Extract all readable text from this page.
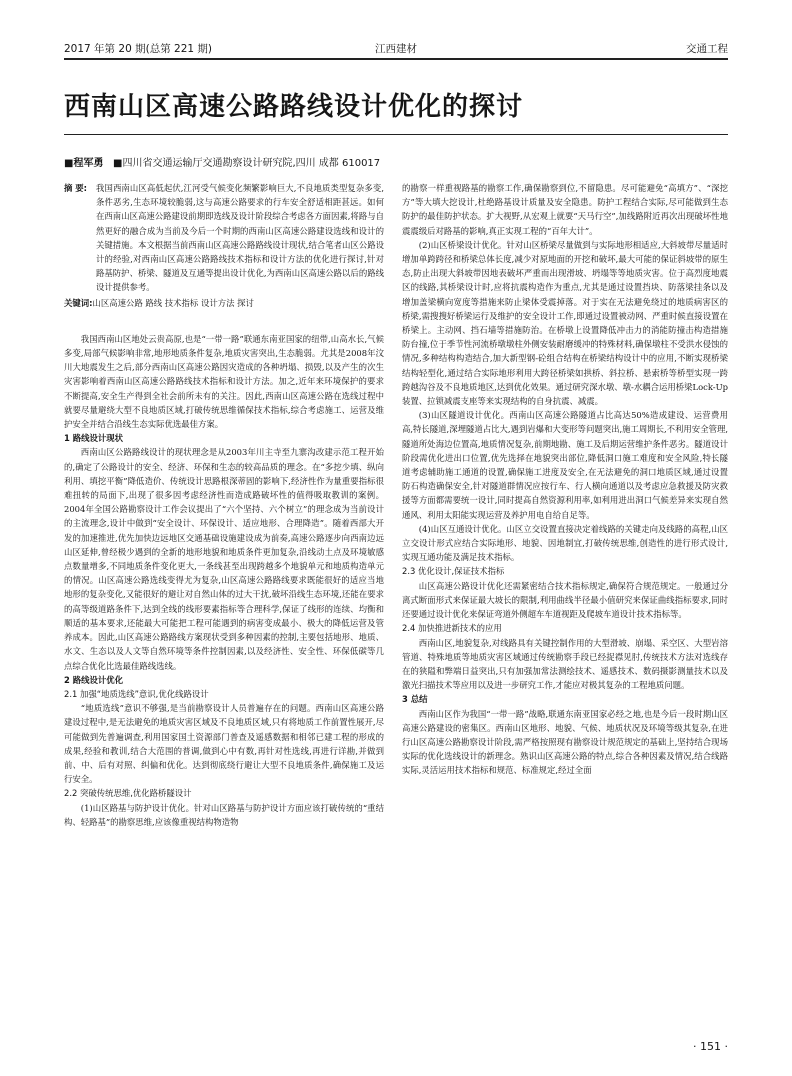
2017 年第 20 期(总第 221 期)	江西建材	交通工程
西南山区高速公路路线设计优化的探讨
■程军勇 ■四川省交通运输厅交通勘察设计研究院,四川 成都 610017
摘 要: 我国西南山区高低起伏,江河受气候变化频繁影响巨大,不良地质类型复杂多变,条件恶劣,生态环境较脆弱,这与高速公路要求的行车安全舒适相距甚远。如何在西南山区高速公路建设前期即选线及设计阶段综合考虑各方面因素,将路与自然更好的融合成为当前及今后一个时期的西南山区高速公路建设选线和设计的关键措施。本文根据当前西南山区高速公路路线设计现状,结合笔者山区公路设计的经验,对西南山区高速公路路线技术指标和设计方法的优化进行探讨,针对路基防护、桥梁、隧道及互通等提出设计优化,为西南山区高速公路以后的路线设计提供参考。
关键词:山区高速公路 路线 技术指标 设计方法 探讨

我国西南山区地处云贵高原,也是“一带一路”联通东南亚国家的纽带,山高水长,气候多变,局部气候影响非常,地形地质条件复杂,地质灾害突出,生态脆弱。尤其是2008年汶川大地震发生之后,部分西南山区高速公路因灾造成的各种坍塌、损毁,以及产生的次生灾害影响着西南山区高速公路路线技术指标和设计方法。加之,近年来环境保护的要求不断提高,安全生产得到全社会前所未有的关注。因此,西南山区高速公路在选线过程中就要尽量避绕大型不良地质区域,打破传统思维循保技术指标,综合考虑施工、运营及维护安全并结合沿线生态实际优选最佳方案。

1 路线设计现状

西南山区公路路线设计的现状理念是从2003年川主寺至九寨沟改建示范工程开始的,确定了公路设计的安全、经济、环保和生态的较高品质的理念。在“多挖少填、纵向利用、填挖平衡”降低造价、传统设计思路根深蒂固的影响下,经济性作为量重要指标很难扭转的局面下,出现了很多因考虑经济性而造成路破坏性的值得吸取教训的案例。2004年全国公路勘察设计工作会议提出了“六个坚持、六个树立”的理念成为当前设计的主流理念,设计中做到“安全设计、环保设计、适应地形、合理降造”。随着西部大开发的加速推进,优先加快边远地区交通基础设施建设成为前奏,高速公路逐步向西南边远山区延伸,曾经极少遇到的全新的地形地貌和地质条件更加复杂,沿线动土点及环境敏感点数量增多,不同地质条件变化更大,一条线甚至出现跨越多个地貌单元和地质构造单元的情况。山区高速公路选线变得尤为复杂,山区高速公路路线要求既能很好的适应当地地形的复杂变化,又能很好的避让对自然山体的过大干扰,破坏沿线生态环境,还能在要求的高等级道路条件下,达到全线的线形要素指标等合理科学,保证了线形的连续、均衡和顺适的基本要求,还能最大可能把工程可能遇到的病害变成最小、极大的降低运营及管养成本。因此,山区高速公路路线方案现状受到多种因素的控制,主要包括地形、地质、水文、生态以及人文等自然环境等条件控制因素,以及经济性、安全性、环保低碳等几点综合优化比选最佳路线选线。

2 路线设计优化
2.1 加强“地质选线”意识,优化线路设计

“地质选线”意识不够强,是当前勘察设计人员普遍存在的问题。西南山区高速公路建设过程中,是无法避免的地质灾害区域及不良地质区域,只有将地质工作前置性展开,尽可能做到先普遍调查,利用国家国土资源部门普查及遥感数据和相邻已建工程的形成的成果,经验和教训,结合大范围的普调,做到心中有数,再针对性选线,再进行详勘,并做到前、中、后有对照、纠偏和优化。达到彻底绕行避让大型不良地质条件,确保施工及运行安全。

2.2 突破传统思维,优化路桥隧设计

(1)山区路基与防护设计优化。针对山区路基与防护设计方面应该打破传统的“重结构、轻路基”的勘察思维,应该像重视结构物造物

的勘察一样重视路基的勘察工作,确保勘察到位,不留隐患。尽可能避免“高填方”、“深挖方”等大填大挖设计,杜绝路基设计质量及安全隐患。防护工程结合实际,尽可能做到生态防护的最佳防护状态。扩大视野,从宏观上就要“天马行空”,加线路附近再次出现破坏性地震震级后对路基的影响,真正实现工程的“百年大计”。

(2)山区桥梁设计优化。针对山区桥梁尽量做到与实际地形相适应,大斜坡带尽量适时增加单跨跨径和桥梁总体长度,减少对原地面的开挖和破坏,最大可能的保证斜坡带的原生态,防止出现大斜坡带因地表破坏严重而出现滑坡、坍塌等等地质灾害。位于高烈度地震区的线路,其桥梁设计时,应将抗震构造作为重点,尤其是通过设置挡块、防落梁挂条以及增加盖梁横向宽度等措施来防止梁体受震掉落。对于实在无法避免绕过的地质病害区的桥梁,需搜搜好桥梁运行及维护的安全设计工作,即通过设置被动网、严重时候直接设置在桥梁上。主动网、挡石墙等措施防治。在桥墩上设置降低冲击力的消能防撞击构造措施防台撞,位于季节性河流桥墩墩柱外侧安装耐磨缓冲的特殊材料,确保墩柱不受洪水侵蚀的情况,多种结构构造结合,加大新型钢-砼组合结构在桥梁结构设计中的应用,不断实现桥梁结构轻型化,通过结合实际地形利用大跨径桥梁如拱桥、斜拉桥、悬索桥等桥型实现一跨跨越沟谷及不良地质地区,达到优化效果。通过研究深水墩、墩-水耦合运用桥梁Lock-Up装置、拉锁减震支座等来实现结构的自身抗震、减震。

(3)山区隧道设计优化。西南山区高速公路隧道占比高达50%造成建设、运营费用高,特长隧道,深埋隧道占比大,遇到岩爆和大变形等问题突出,施工周期长,不利用安全管理,隧道所处海边位置高,地质情况复杂,前期地勘、施工及后期运营维护条件恶劣。隧道设计阶段需优化进出口位置,优先选择在地貌突出部位,降低洞口施工难度和安全风险,特长隧道考虑辅助施工通道的设置,确保施工进度及安全,在无法避免的洞口地质区域,通过设置防石构造确保安全,针对隧道群情况应按行车、行人横向通道以及考虑应急救援及防灾救援等方面都需要统一设计,同时提高自然资源利用率,如利用进出洞口气候差异来实现自然通风、利用太阳能实现运营及养护用电自给自足等。

(4)山区互通设计优化。山区立交设置直接决定着线路的关键走向及线路的高程,山区立交设计形式应结合实际地形、地貌、因地制宜,打破传统思维,创造性的进行形式设计,实现互通功能及满足技术指标。

2.3 优化设计,保证技术指标

山区高速公路设计优化还需紧密结合技术指标规定,确保符合规范规定。一般通过分离式断面形式来保证最大坡长的限制,利用曲线半径最小值研究来保证曲线指标要求,同时还要通过设计优化来保证弯道外侧超车车道视距及爬坡车道设计技术指标等。

2.4 加快推进新技术的应用

西南山区,地貌复杂,对线路具有关键控制作用的大型滑坡、崩塌、采空区、大型岩溶管道、特殊地质等地质灾害区域通过传统勘察手段已经捉襟见肘,传统技术方法对选线存在的狭隘和弊端日益突出,只有加强加常法测绘技术、遥感技术、数码摄影测量技术以及激光扫描技术等应用以及进一步研究工作,才能应对极其复杂的工程地质问题。

3 总结

西南山区作为我国“一带一路”战略,联通东南亚国家必经之地,也是今后一段时期山区高速公路建设的密集区。西南山区地形、地貌、气候、地质状况及环境等级其复杂,在进行山区高速公路勘察设计阶段,需严格按照现有勘察设计规范规定的基础上,坚持结合现场实际的优化选线设计的新理念。熟识山区高速公路的特点,综合各种因素及情况,结合线路实际,灵活运用技术指标和规范、标准规定,经过全面

· 151 ·
